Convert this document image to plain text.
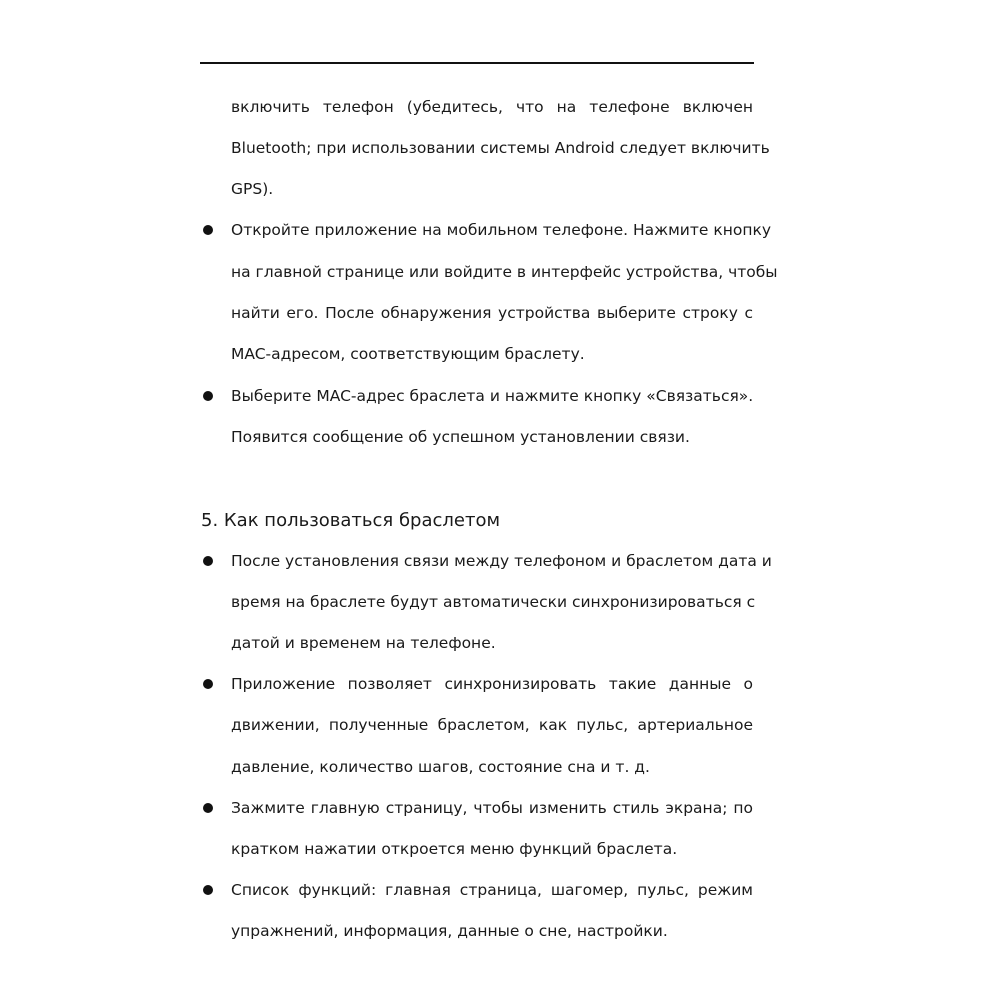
включить телефон (убедитесь, что на телефоне включен

Bluetooth; при использовании системы Android следует включить

GPS).

Откройте приложение на мобильном телефоне. Нажмите кнопку

на главной странице или войдите в интерфейс устройства, чтобы

найти его. После обнаружения устройства выберите строку с

MAC-адресом, соответствующим браслету.

Выберите MAC-адрес браслета и нажмите кнопку «Связаться».

Появится сообщение об успешном установлении связи.

5. Как пользоваться браслетом

После установления связи между телефоном и браслетом дата и

время на браслете будут автоматически синхронизироваться с

датой и временем на телефоне.

Приложение позволяет синхронизировать такие данные о

движении, полученные браслетом, как пульс, артериальное

давление, количество шагов, состояние сна и т. д.

Зажмите главную страницу, чтобы изменить стиль экрана; по

кратком нажатии откроется меню функций браслета.

Список функций: главная страница, шагомер, пульс, режим

упражнений, информация, данные о сне, настройки.
